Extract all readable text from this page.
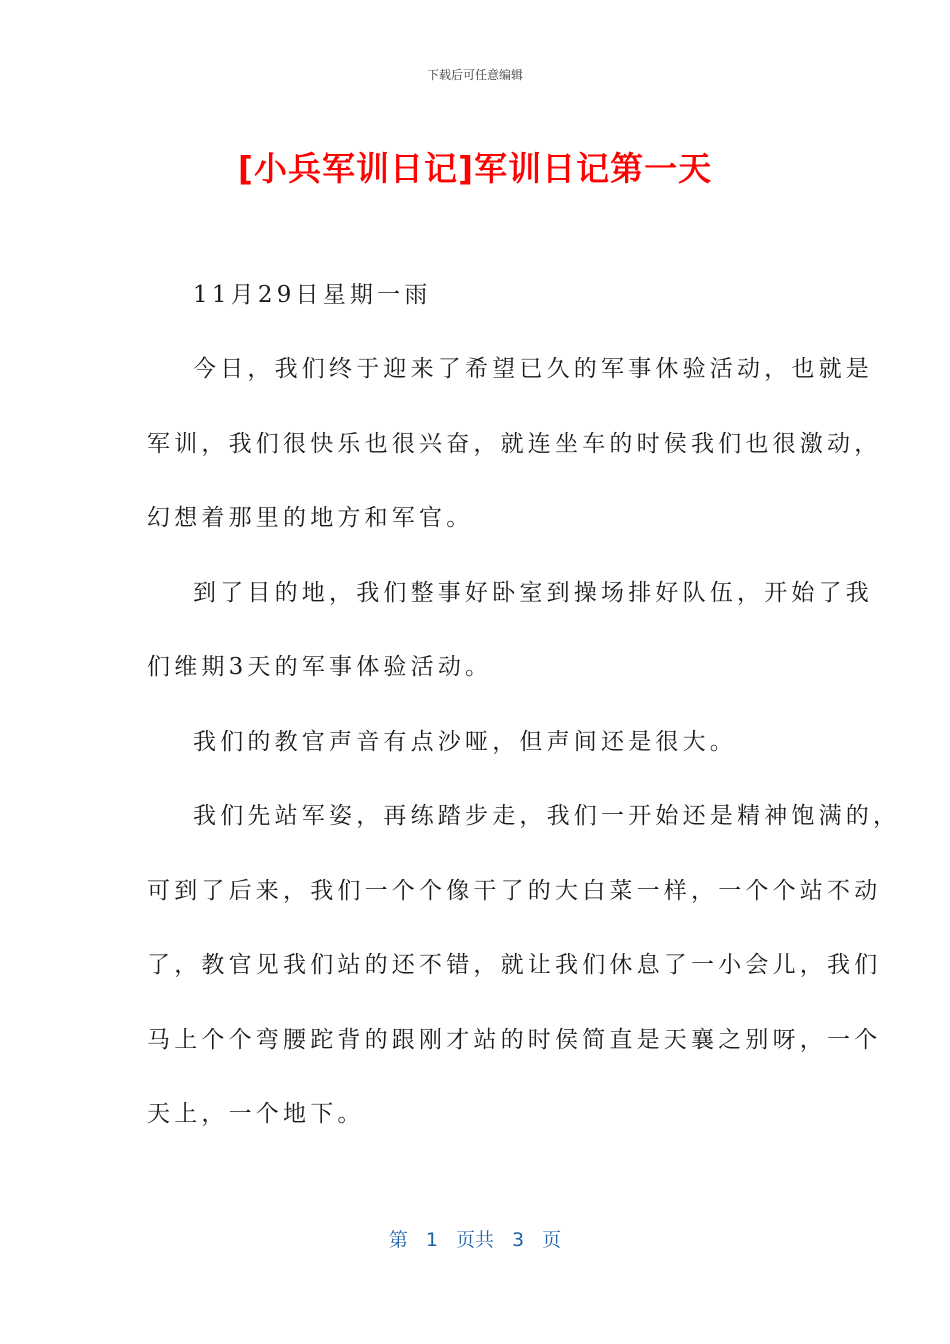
下载后可任意编辑
[小兵军训日记]军训日记第一天
11月29日星期一雨
今日，我们终于迎来了希望已久的军事休验活动，也就是
军训，我们很快乐也很兴奋，就连坐车的时侯我们也很激动，
幻想着那里的地方和军官。
到了目的地，我们整事好卧室到操场排好队伍，开始了我
们维期3天的军事体验活动。
我们的教官声音有点沙哑，但声间还是很大。
我们先站军姿，再练踏步走，我们一开始还是精神饱满的，
可到了后来，我们一个个像干了的大白菜一样，一个个站不动
了，教官见我们站的还不错，就让我们休息了一小会儿，我们
马上个个弯腰跎背的跟刚才站的时侯简直是天襄之别呀，一个
天上，一个地下。
第 1 页共 3 页
